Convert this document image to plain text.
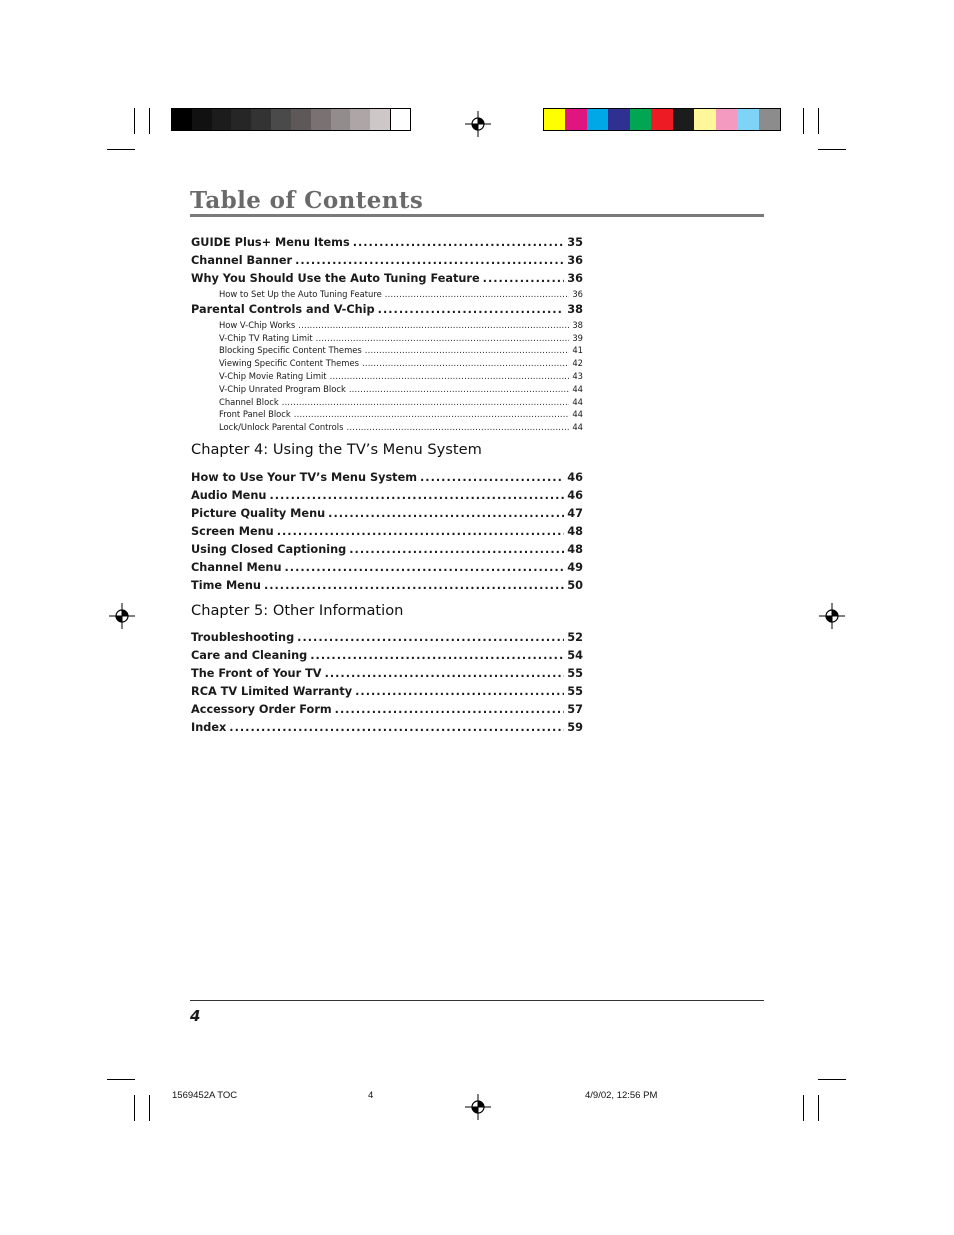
Table of Contents
GUIDE Plus+ Menu Items .....	35
Channel Banner .....	36
Why You Should Use the Auto Tuning Feature .....	36
How to Set Up the Auto Tuning Feature .....	36
Parental Controls and V-Chip .....	38
How V-Chip Works .....	38
V-Chip TV Rating Limit .....	39
Blocking Specific Content Themes .....	41
Viewing Specific Content Themes .....	42
V-Chip Movie Rating Limit .....	43
V-Chip Unrated Program Block .....	44
Channel Block .....	44
Front Panel Block .....	44
Lock/Unlock Parental Controls .....	44
Chapter 4: Using the TV’s Menu System
How to Use Your TV’s Menu System .....	46
Audio Menu .....	46
Picture Quality Menu .....	47
Screen Menu .....	48
Using Closed Captioning .....	48
Channel Menu .....	49
Time Menu .....	50
Chapter 5: Other Information
Troubleshooting .....	52
Care and Cleaning .....	54
The Front of Your TV .....	55
RCA TV Limited Warranty .....	55
Accessory Order Form .....	57
Index .....	59
4
1569452A TOC	4	4/9/02, 12:56 PM
